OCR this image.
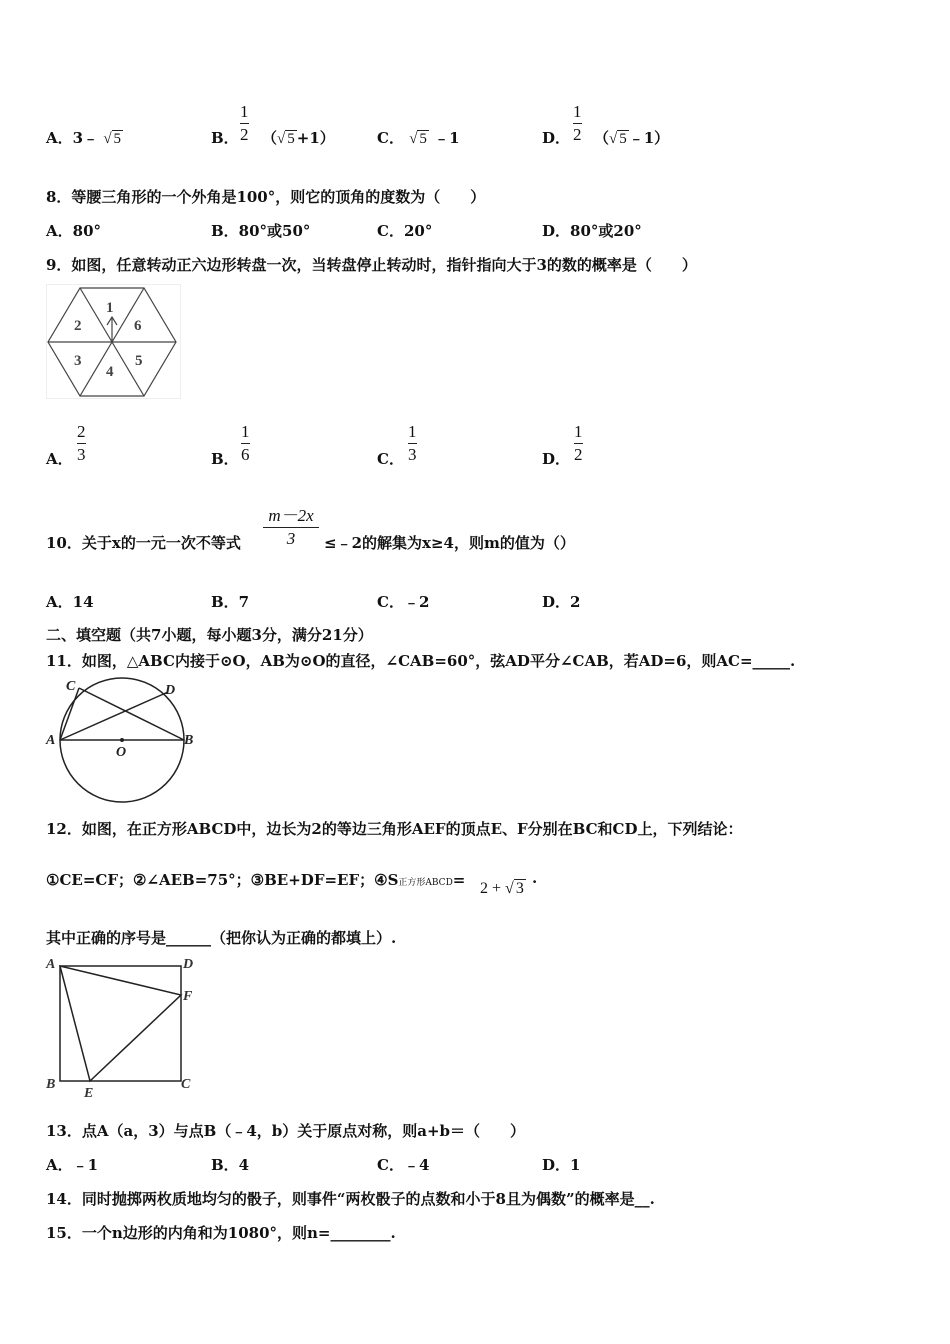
A．3﹣ √ 5	B．
1
2 （√ 5 +1）	C． √ 5 ﹣1	D．
1
2 （√ 5 ﹣1）
8．等腰三角形的一个外角是100°，则它的顶角的度数为（　　）
A．80°	B．80°或50°	C．20°	D．80°或20°
9．如图，任意转动正六边形转盘一次，当转盘停止转动时，指针指向大于3的数的概率是（　　）
1
6
5
4
3
2
A．
2
3	B．
1
6	C．
1
3	D．
1
2
10．关于x的一元一次不等式
m－2x
3	≤﹣2的解集为x≥4，则m的值为（）
A．14	B．7	C．﹣2	D．2
二、填空题（共7小题，每小题3分，满分21分）
11．如图，△ABC内接于⊙O，AB为⊙O的直径，∠CAB=60°，弦AD平分∠CAB，若AD=6，则AC=_____.
A	B
C	D
O
12．如图，在正方形ABCD中，边长为2的等边三角形AEF的顶点E、F分别在BC和CD上，下列结论：
①CE=CF；②∠AEB=75°；③BE+DF=EF；④S正方形ABCD= 2 + √ 3
.
其中正确的序号是______（把你认为正确的都填上）.
A	D
F
B
E
C
13．点A（a，3）与点B（﹣4，b）关于原点对称，则a+b＝（　　）
A．﹣1	B．4	C．﹣4	D．1
14．同时抛掷两枚质地均匀的骰子，则事件“两枚骰子的点数和小于8且为偶数”的概率是__.
15．一个n边形的内角和为1080°，则n=________.
